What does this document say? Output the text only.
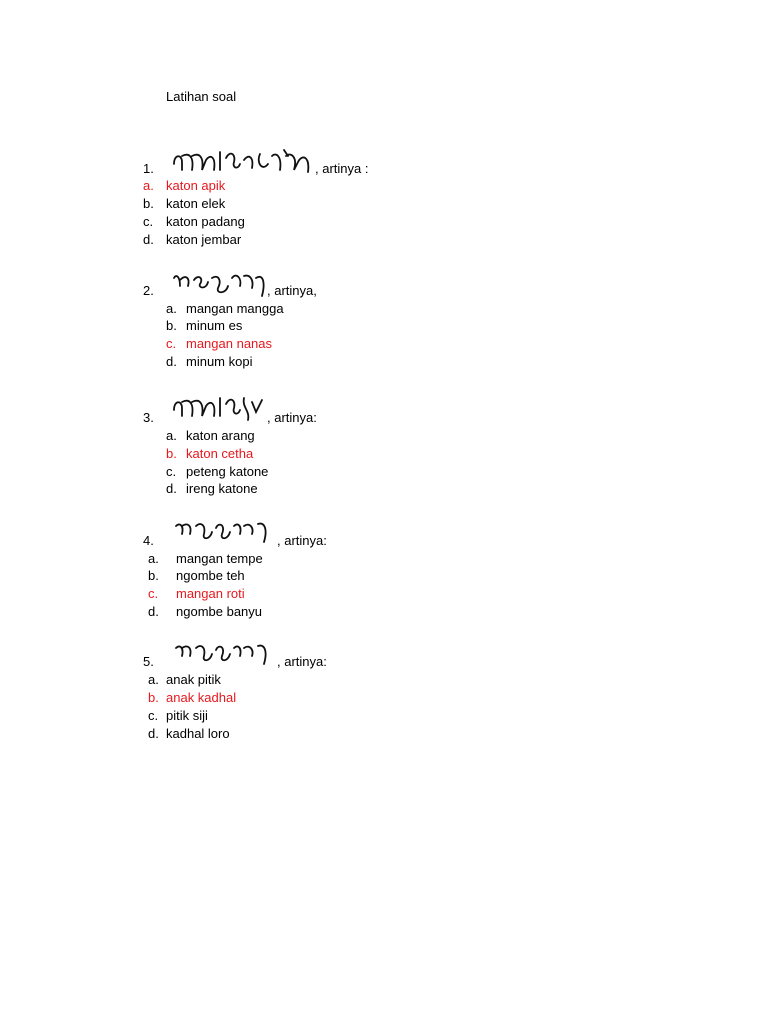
Latihan soal
1.	, artinya :
a. katon apik
b. katon elek
c. katon padang
d. katon jembar
2.	, artinya,
a. mangan mangga
b. minum es
c. mangan nanas
d. minum kopi
3.	, artinya:
a. katon arang
b. katon cetha
c. peteng katone
d. ireng katone
4.	, artinya:
a. mangan tempe
b. ngombe teh
c. mangan roti
d. ngombe banyu
5.	, artinya:
a. anak pitik
b. anak kadhal
c. pitik siji
d. kadhal loro
